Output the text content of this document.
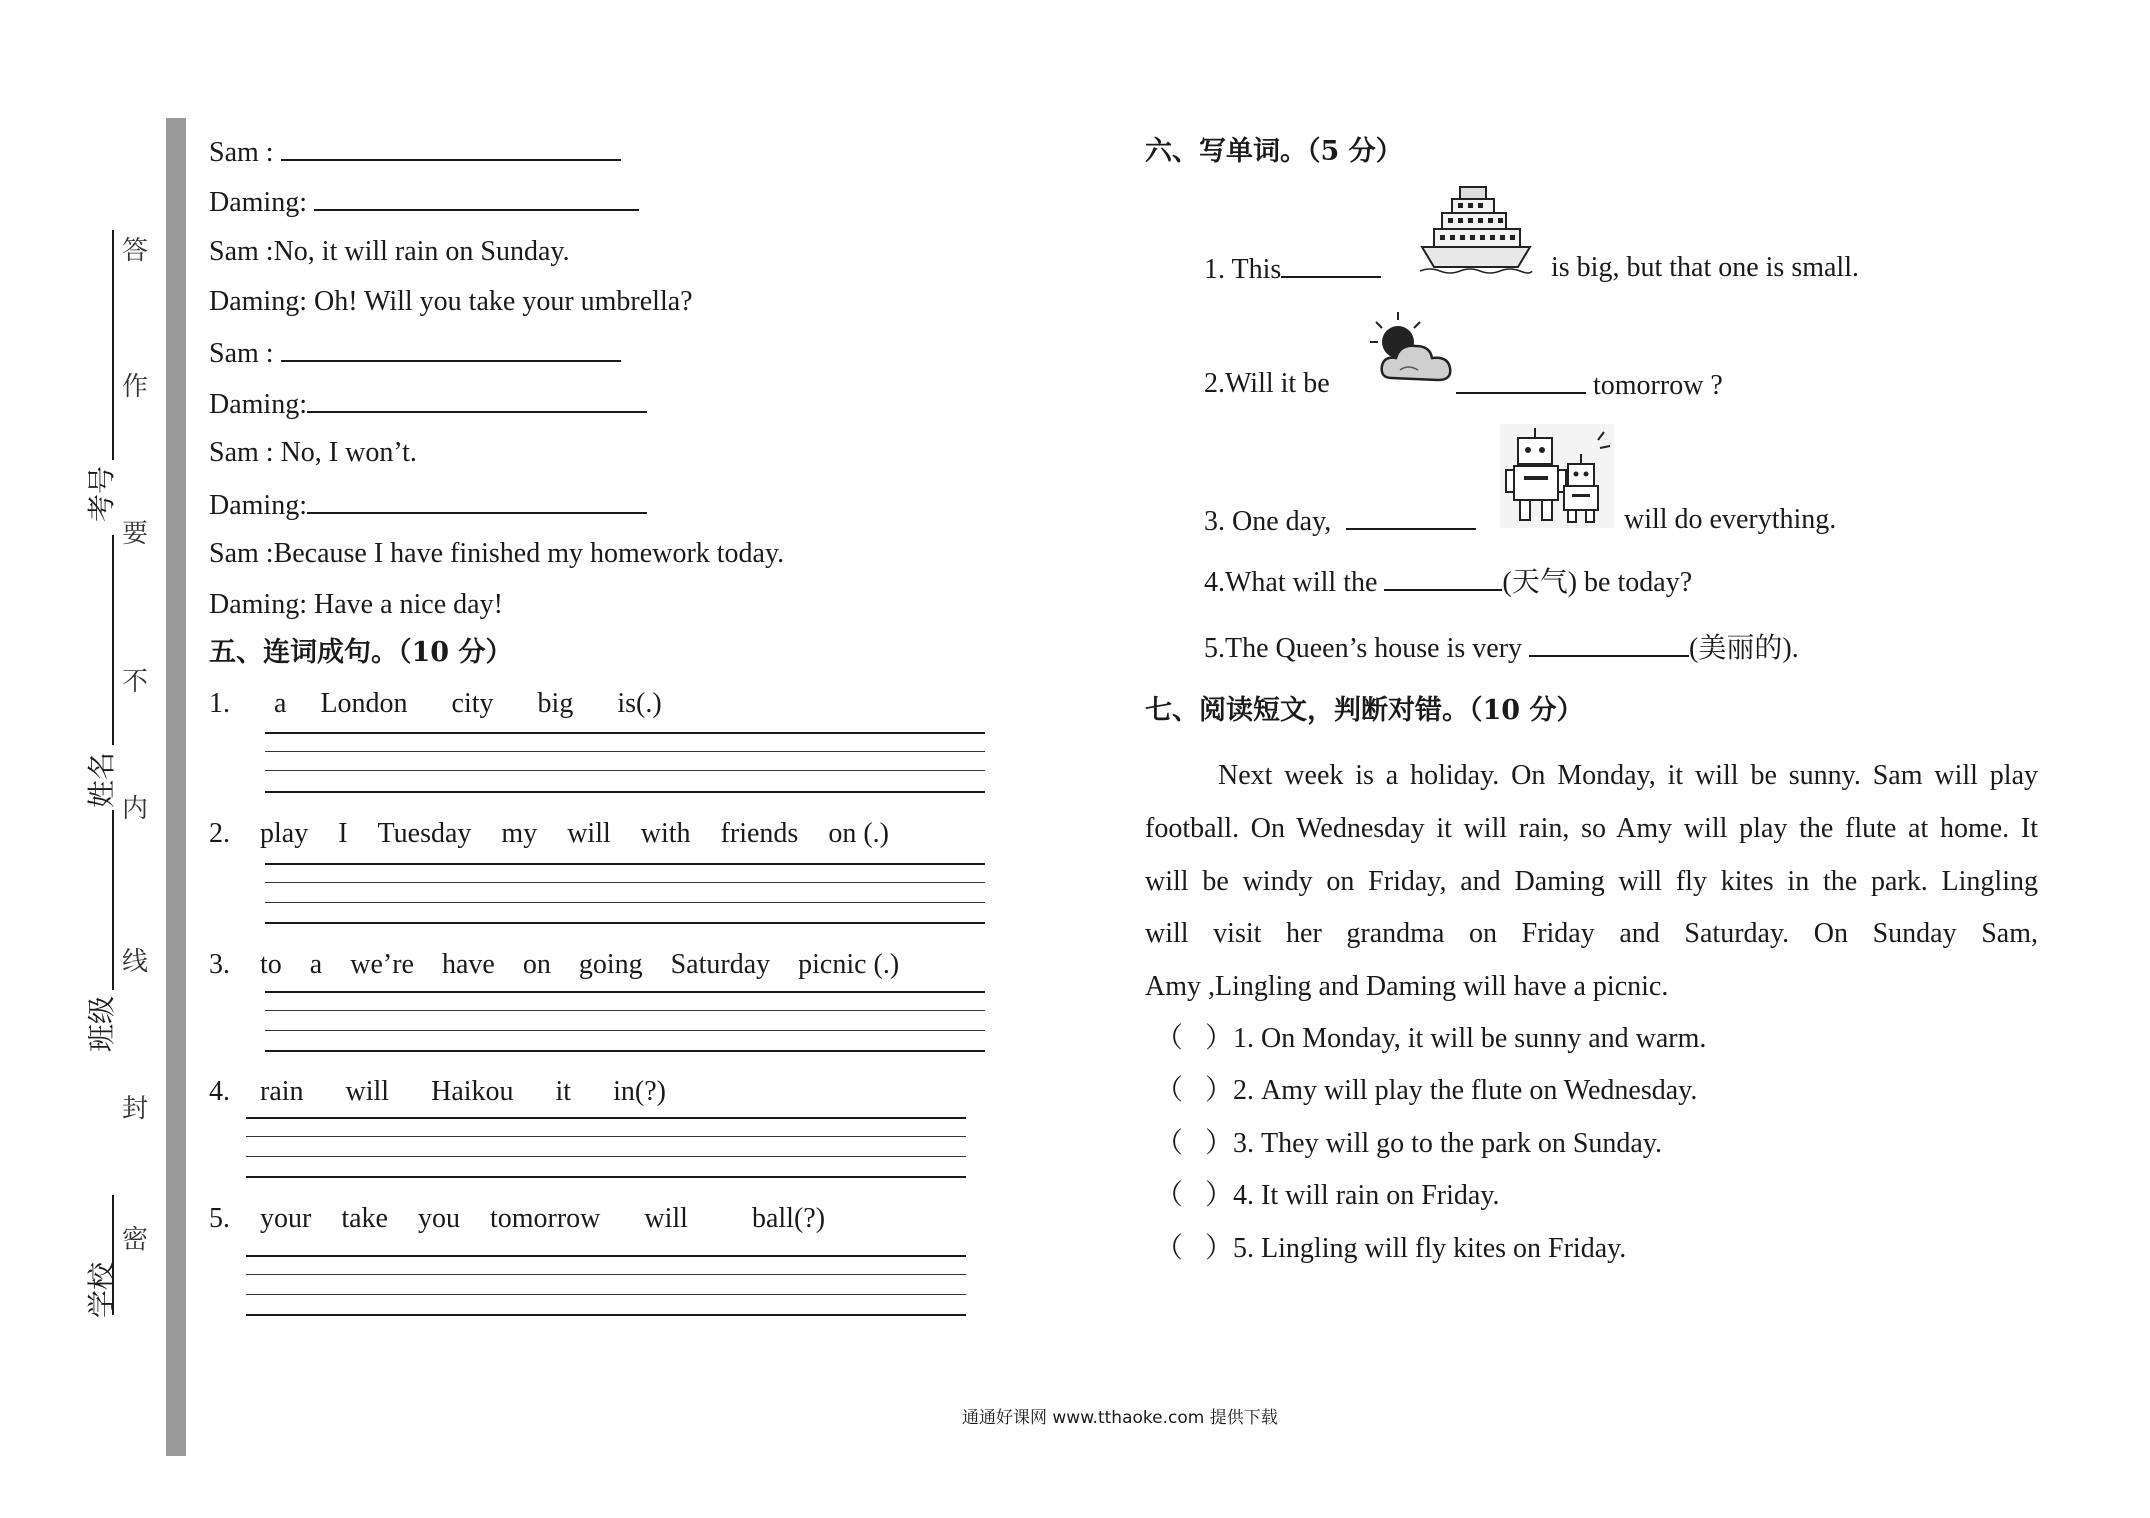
学校
班级
姓名
考号
密
封
线
内
不
要
作
答
Sam :
Daming:
Sam :No, it will rain on Sunday.
Daming: Oh! Will you take your umbrella?
Sam :
Daming:
Sam : No, I won’t.
Daming:
Sam :Because I have finished my homework today.
Daming: Have a nice day!
五、连词成句。（10 分）
1. a London city big is(.)
2. play I Tuesday my will with friends on (.)
3. to a we’re have on going Saturday picnic (.)
4. rain will Haikou it in(?)
5. your take you tomorrow will ball(?)
六、写单词。（5 分）
1. This	is big, but that one is small.
2.Will it be	tomorrow ?
3. One day,	will do everything.
4.What will the	(天气) be today?
5.The Queen’s house is very	(美丽的).
七、阅读短文，判断对错。（10 分）
Next week is a holiday. On Monday, it will be sunny. Sam will play
football. On Wednesday it will rain, so Amy will play the flute at home. It
will be windy on Friday, and Daming will fly kites in the park. Lingling
will visit her grandma on Friday and Saturday. On Sunday Sam,
Amy ,Lingling and Daming will have a picnic.
（ ）1. On Monday, it will be sunny and warm.
（ ）2. Amy will play the flute on Wednesday.
（ ）3. They will go to the park on Sunday.
（ ）4. It will rain on Friday.
（ ）5. Lingling will fly kites on Friday.
通通好课网 www.tthaoke.com 提供下载
